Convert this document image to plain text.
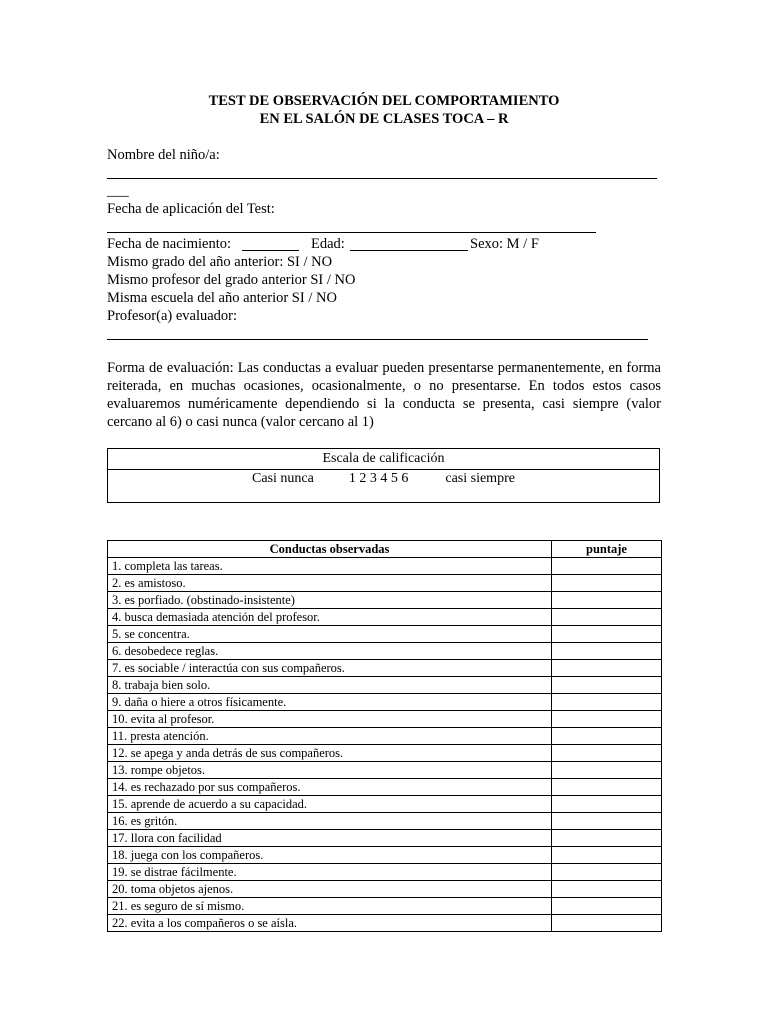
TEST DE OBSERVACIÓN DEL COMPORTAMIENTO
EN EL SALÓN DE CLASES TOCA – R
Nombre del niño/a:
___
Fecha de aplicación del Test:
Fecha de nacimiento:	Edad:	Sexo: M / F
Mismo grado del año anterior: SI / NO
Mismo profesor del grado anterior SI / NO
Misma escuela del año anterior SI / NO
Profesor(a) evaluador:
Forma de evaluación: Las conductas a evaluar pueden presentarse permanentemente, en forma reiterada, en muchas ocasiones, ocasionalmente, o no presentarse. En todos estos casos evaluaremos numéricamente dependiendo si la conducta se presenta, casi siempre (valor cercano al 6) o casi nunca (valor cercano al 1)
Escala de calificación
Casi nunca	1 2 3 4 5 6	casi siempre
Conductas observadas	puntaje
1. completa las tareas.	
2. es amistoso.	
3. es porfiado. (obstinado-insistente)	
4. busca demasiada atención del profesor.	
5. se concentra.	
6. desobedece reglas.	
7. es sociable / interactúa con sus compañeros.	
8. trabaja bien solo.	
9. daña o hiere a otros físicamente.	
10. evita al profesor.	
11. presta atención.	
12. se apega y anda detrás de sus compañeros.	
13. rompe objetos.	
14. es rechazado por sus compañeros.	
15. aprende de acuerdo a su capacidad.	
16. es gritón.	
17. llora con facilidad	
18. juega con los compañeros.	
19. se distrae fácilmente.	
20. toma objetos ajenos.	
21. es seguro de sí mismo.	
22. evita a los compañeros o se aísla.	
